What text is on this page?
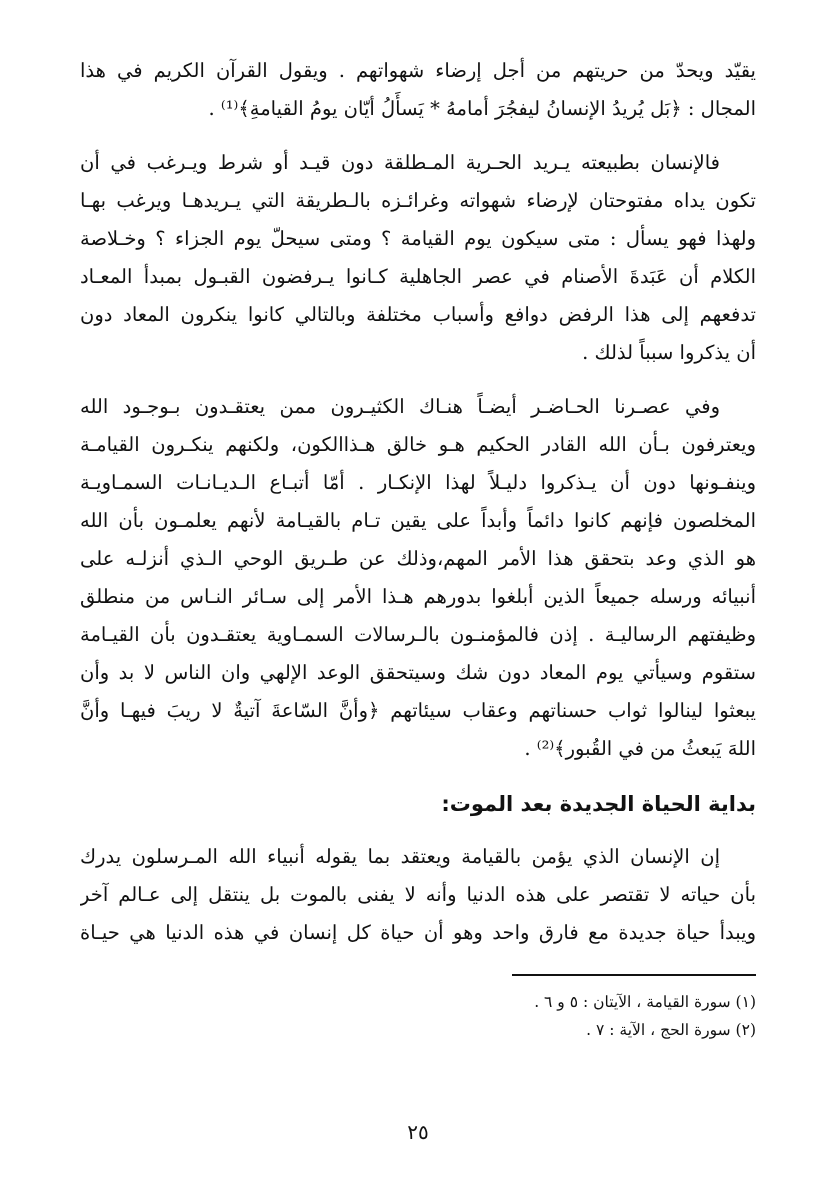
يقيّد ويحدّ من حريتهم من أجل إرضاء شهواتهم . ويقول القرآن الكريم في هذا
المجال : ﴿بَل يُريدُ الإنسانُ ليفجُرَ أمامهُ * يَسأَلُ أيّان يومُ القيامةِ﴾⁽¹⁾ .
فالإنسان بطبيعته يـريد الحـرية المـطلقة دون قيـد أو شرط ويـرغب في أن
تكون يداه مفتوحتان لإرضاء شهواته وغرائـزه بالـطريقة التي يـريدهـا ويرغب بهـا
ولهذا فهو يسأل : متى سيكون يوم القيامة ؟ ومتى سيحلّ يوم الجزاء ؟ وخـلاصة
الكلام أن عَبَدةَ الأصنام في عصر الجاهلية كـانوا يـرفضون القبـول بمبدأ المعـاد
تدفعهم إلى هذا الرفض دوافع وأسباب مختلفة وبالتالي كانوا ينكرون المعاد دون
أن يذكروا سبباً لذلك .
وفي عصـرنا الحـاضـر أيضـاً هنـاك الكثيـرون ممن يعتقـدون بـوجـود الله
ويعترفون بـأن الله القادر الحكيم هـو خالق هـذاالكون، ولكنهم ينكـرون القيامـة
وينفـونها دون أن يـذكروا دليـلاً لهذا الإنكـار . أمّا أتبـاع الـديـانـات السمـاويـة
المخلصون فإنهم كانوا دائماً وأبداً على يقين تـام بالقيـامة لأنهم يعلمـون بأن الله
هو الذي وعد بتحقق هذا الأمر المهم،وذلك عن طـريق الوحي الـذي أنزلـه على
أنبيائه ورسله جميعاً الذين أبلغوا بدورهم هـذا الأمر إلى سـائر النـاس من منطلق
وظيفتهم الرساليـة . إذن فالمؤمنـون بالـرسالات السمـاوية يعتقـدون بأن القيـامة
ستقوم وسيأتي يوم المعاد دون شك وسيتحقق الوعد الإلهي وان الناس لا بد وأن
يبعثوا لينالوا ثواب حسناتهم وعقاب سيئاتهم ﴿وأنَّ السّاعةَ آتيةٌ لا ريبَ فيهـا وأنَّ
اللهَ يَبعثُ من في القُبور﴾⁽²⁾ .
بداية الحياة الجديدة بعد الموت:
إن الإنسان الذي يؤمن بالقيامة ويعتقد بما يقوله أنبياء الله المـرسلون يدرك
بأن حياته لا تقتصر على هذه الدنيا وأنه لا يفنى بالموت بل ينتقل إلى عـالم آخر
ويبدأ حياة جديدة مع فارق واحد وهو أن حياة كل إنسان في هذه الدنيا هي حيـاة
(١) سورة القيامة ، الآيتان : ٥ و ٦ .
(٢) سورة الحج ، الآية : ٧ .
٢٥
